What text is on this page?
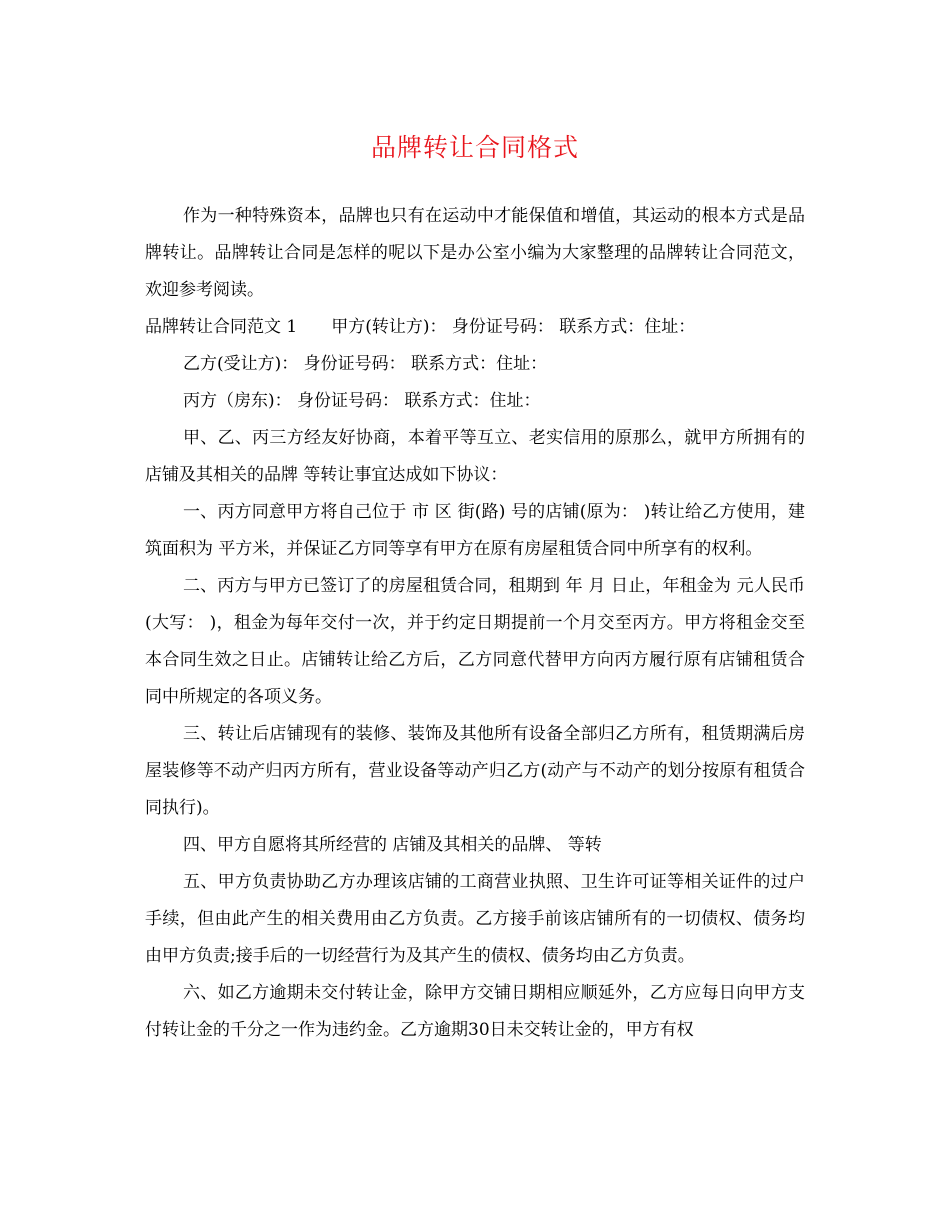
品牌转让合同格式

作为一种特殊资本，品牌也只有在运动中才能保值和增值，其运动的根本方式是品牌转让。品牌转让合同是怎样的呢以下是办公室小编为大家整理的品牌转让合同范文，欢迎参考阅读。

品牌转让合同范文 1 甲方(转让方)： 身份证号码： 联系方式：住址：

乙方(受让方)： 身份证号码： 联系方式：住址：

丙方（房东)： 身份证号码： 联系方式：住址：

甲、乙、丙三方经友好协商，本着平等互立、老实信用的原那么，就甲方所拥有的 店铺及其相关的品牌 等转让事宜达成如下协议：

一、丙方同意甲方将自己位于 市 区 街(路) 号的店铺(原为： )转让给乙方使用，建筑面积为 平方米，并保证乙方同等享有甲方在原有房屋租赁合同中所享有的权利。

二、丙方与甲方已签订了的房屋租赁合同，租期到 年 月 日止，年租金为 元人民币(大写： )，租金为每年交付一次，并于约定日期提前一个月交至丙方。甲方将租金交至本合同生效之日止。店铺转让给乙方后，乙方同意代替甲方向丙方履行原有店铺租赁合同中所规定的各项义务。

三、转让后店铺现有的装修、装饰及其他所有设备全部归乙方所有，租赁期满后房屋装修等不动产归丙方所有，营业设备等动产归乙方(动产与不动产的划分按原有租赁合同执行)。

四、甲方自愿将其所经营的 店铺及其相关的品牌、 等转

五、甲方负责协助乙方办理该店铺的工商营业执照、卫生许可证等相关证件的过户手续，但由此产生的相关费用由乙方负责。乙方接手前该店铺所有的一切债权、债务均由甲方负责;接手后的一切经营行为及其产生的债权、债务均由乙方负责。

六、如乙方逾期未交付转让金，除甲方交铺日期相应顺延外，乙方应每日向甲方支付转让金的千分之一作为违约金。乙方逾期30日未交转让金的，甲方有权
